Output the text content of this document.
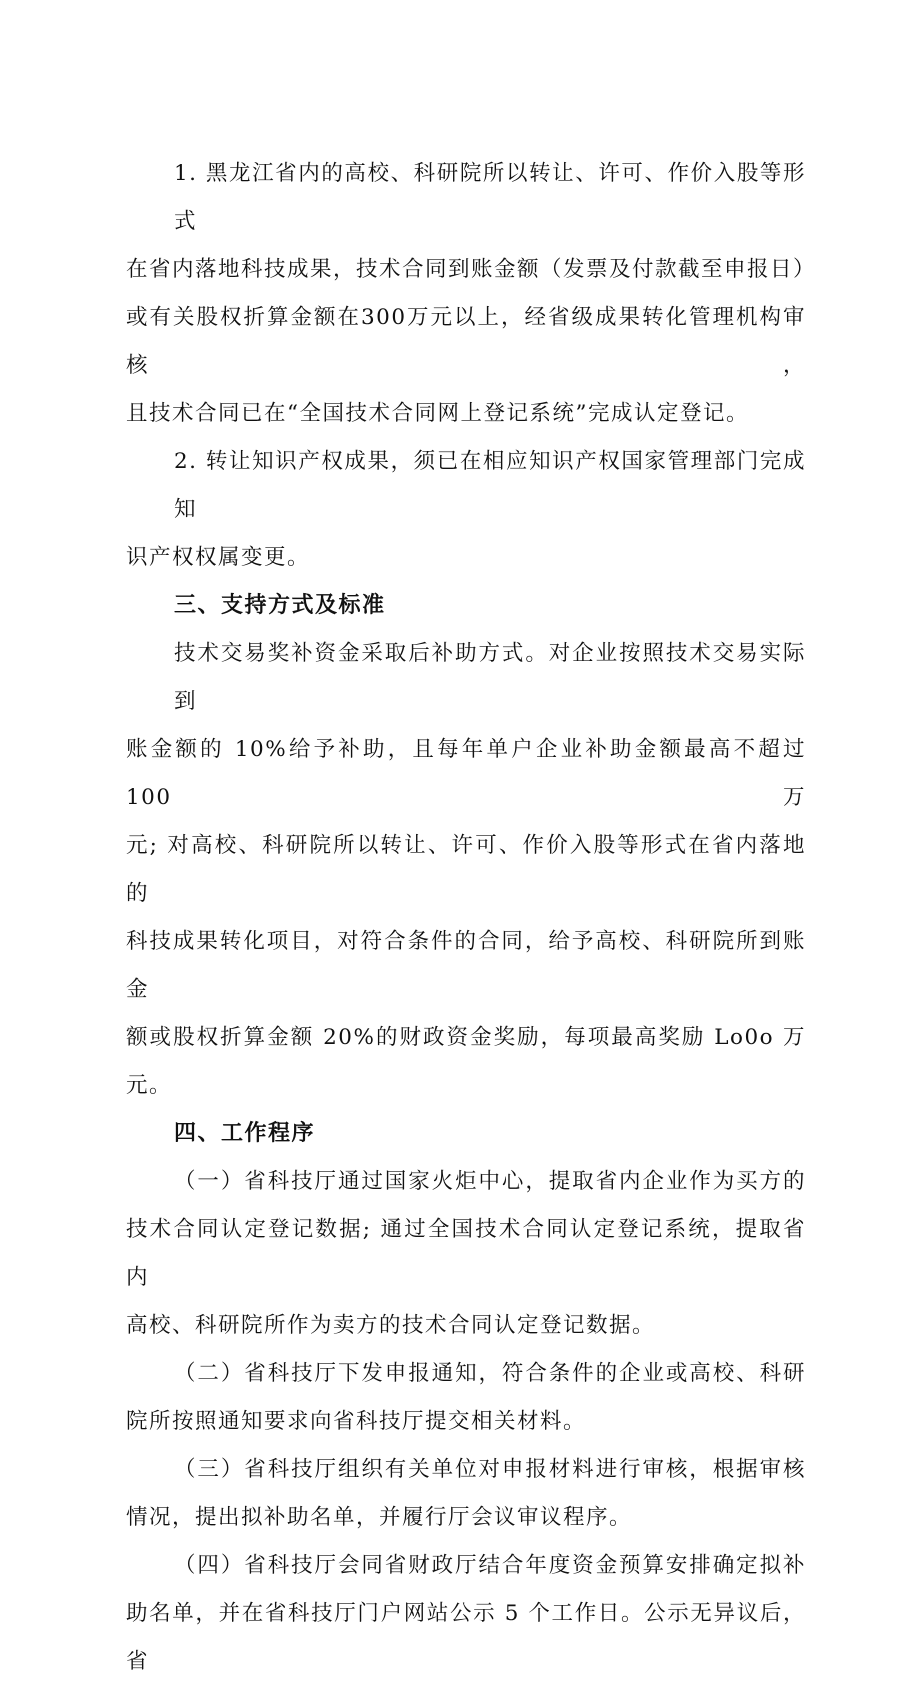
1. 黑龙江省内的高校、科研院所以转让、许可、作价入股等形式
在省内落地科技成果，技术合同到账金额（发票及付款截至申报日）
或有关股权折算金额在300万元以上，经省级成果转化管理机构审核，
且技术合同已在“全国技术合同网上登记系统”完成认定登记。
2. 转让知识产权成果，须已在相应知识产权国家管理部门完成知
识产权权属变更。
三、支持方式及标准
技术交易奖补资金采取后补助方式。对企业按照技术交易实际到
账金额的 10%给予补助，且每年单户企业补助金额最高不超过 100 万
元; 对高校、科研院所以转让、许可、作价入股等形式在省内落地的
科技成果转化项目，对符合条件的合同，给予高校、科研院所到账金
额或股权折算金额 20%的财政资金奖励，每项最高奖励 Lo0o 万元。
四、工作程序
（一）省科技厅通过国家火炬中心，提取省内企业作为买方的
技术合同认定登记数据; 通过全国技术合同认定登记系统，提取省内
高校、科研院所作为卖方的技术合同认定登记数据。
（二）省科技厅下发申报通知，符合条件的企业或高校、科研
院所按照通知要求向省科技厅提交相关材料。
（三）省科技厅组织有关单位对申报材料进行审核，根据审核
情况，提出拟补助名单，并履行厅会议审议程序。
（四）省科技厅会同省财政厅结合年度资金预算安排确定拟补
助名单，并在省科技厅门户网站公示 5 个工作日。公示无异议后，省
